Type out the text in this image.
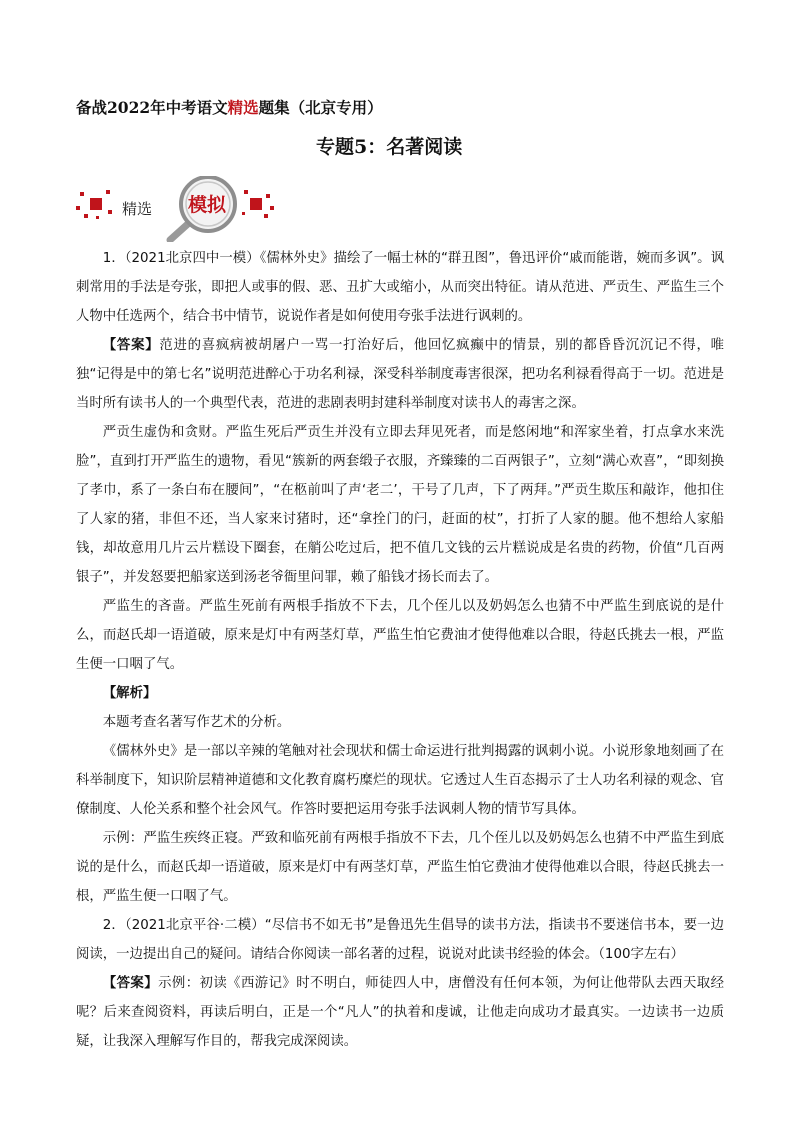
备战2022年中考语文精选题集（北京专用）
专题5：名著阅读
精选	模拟

1．（2021北京四中一模）《儒林外史》描绘了一幅士林的“群丑图”，鲁迅评价“戚而能谐，婉而多讽”。讽刺常用的手法是夸张，即把人或事的假、恶、丑扩大或缩小，从而突出特征。请从范进、严贡生、严监生三个人物中任选两个，结合书中情节，说说作者是如何使用夸张手法进行讽刺的。

【答案】范进的喜疯病被胡屠户一骂一打治好后，他回忆疯癫中的情景，别的都昏昏沉沉记不得，唯独“记得是中的第七名”说明范进醉心于功名利禄，深受科举制度毒害很深，把功名利禄看得高于一切。范进是当时所有读书人的一个典型代表，范进的悲剧表明封建科举制度对读书人的毒害之深。

严贡生虚伪和贪财。严监生死后严贡生并没有立即去拜见死者，而是悠闲地“和浑家坐着，打点拿水来洗脸”，直到打开严监生的遗物，看见“簇新的两套缎子衣服，齐臻臻的二百两银子”，立刻“满心欢喜”，“即刻换了孝巾，系了一条白布在腰间”，“在柩前叫了声‘老二’，干号了几声，下了两拜。”严贡生欺压和敲诈，他扣住了人家的猪，非但不还，当人家来讨猪时，还“拿拴门的闩，赶面的杖”，打折了人家的腿。他不想给人家船钱，却故意用几片云片糕设下圈套，在艄公吃过后，把不值几文钱的云片糕说成是名贵的药物，价值“几百两银子”，并发怒要把船家送到汤老爷衙里问罪，赖了船钱才扬长而去了。

严监生的吝啬。严监生死前有两根手指放不下去，几个侄儿以及奶妈怎么也猜不中严监生到底说的是什么，而赵氏却一语道破，原来是灯中有两茎灯草，严监生怕它费油才使得他难以合眼，待赵氏挑去一根，严监生便一口咽了气。

【解析】

本题考查名著写作艺术的分析。

《儒林外史》是一部以辛辣的笔触对社会现状和儒士命运进行批判揭露的讽刺小说。小说形象地刻画了在科举制度下，知识阶层精神道德和文化教育腐朽糜烂的现状。它透过人生百态揭示了士人功名利禄的观念、官僚制度、人伦关系和整个社会风气。作答时要把运用夸张手法讽刺人物的情节写具体。

示例：严监生疾终正寝。严致和临死前有两根手指放不下去，几个侄儿以及奶妈怎么也猜不中严监生到底说的是什么，而赵氏却一语道破，原来是灯中有两茎灯草，严监生怕它费油才使得他难以合眼，待赵氏挑去一根，严监生便一口咽了气。

2．（2021北京平谷·二模）“尽信书不如无书”是鲁迅先生倡导的读书方法，指读书不要迷信书本，要一边阅读，一边提出自己的疑问。请结合你阅读一部名著的过程，说说对此读书经验的体会。（100字左右）

【答案】示例：初读《西游记》时不明白，师徒四人中，唐僧没有任何本领，为何让他带队去西天取经呢？后来查阅资料，再读后明白，正是一个“凡人”的执着和虔诚，让他走向成功才最真实。一边读书一边质疑，让我深入理解写作目的，帮我完成深阅读。
